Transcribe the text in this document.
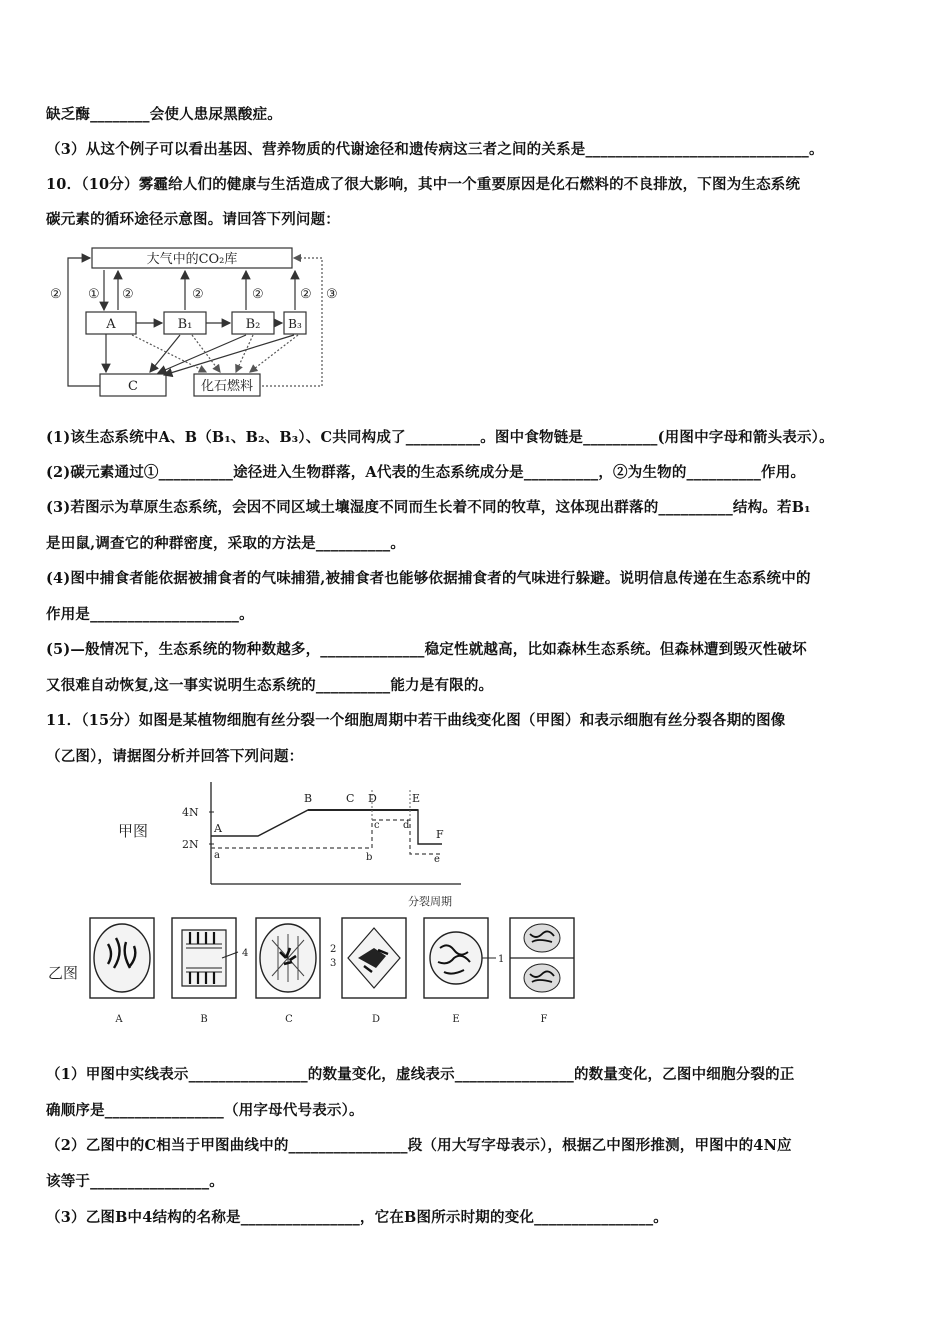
缺乏酶________会使人患尿黑酸症。
（3）从这个例子可以看出基因、营养物质的代谢途径和遗传病这三者之间的关系是______________________________。
10．（10分）雾霾给人们的健康与生活造成了很大影响，其中一个重要原因是化石燃料的不良排放，下图为生态系统
碳元素的循环途径示意图。请回答下列问题：
大气中的CO₂库
A	B₁	B₂ B₃
C	化石燃料
① ②	②	②	②
②	③
(1)该生态系统中A、B（B₁、B₂、B₃）、C共同构成了__________。图中食物链是__________(用图中字母和箭头表示）。
(2)碳元素通过①__________途径进入生物群落，A代表的生态系统成分是__________，②为生物的__________作用。
(3)若图示为草原生态系统，会因不同区域土壤湿度不同而生长着不同的牧草，这体现出群落的__________结构。若B₁
是田鼠,调查它的种群密度，采取的方法是__________。
(4)图中捕食者能依据被捕食者的气味捕猎,被捕食者也能够依据捕食者的气味进行躲避。说明信息传递在生态系统中的
作用是____________________。
(5)—般情况下，生态系统的物种数越多，______________稳定性就越高，比如森林生态系统。但森林遭到毁灭性破坏
又很难自动恢复,这一事实说明生态系统的__________能力是有限的。
11．（15分）如图是某植物细胞有丝分裂一个细胞周期中若干曲线变化图（甲图）和表示细胞有丝分裂各期的图像
（乙图），请据图分析并回答下列问题：
甲图
4N
2N
A
a
B	C D	E
F
b
c d
e
分裂周期
乙图
A
4
B	C
2
3
D
1
E	F
（1）甲图中实线表示________________的数量变化，虚线表示________________的数量变化，乙图中细胞分裂的正
确顺序是________________（用字母代号表示）。
（2）乙图中的C相当于甲图曲线中的________________段（用大写字母表示），根据乙中图形推测，甲图中的4N应
该等于________________。
（3）乙图B中4结构的名称是________________，它在B图所示时期的变化________________。
